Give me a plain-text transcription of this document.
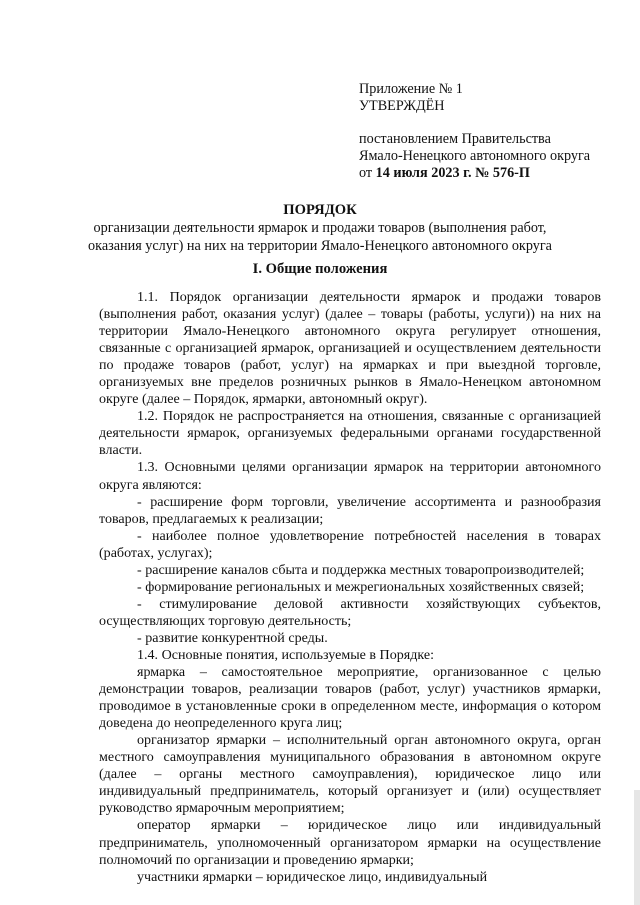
Приложение № 1
УТВЕРЖДЁН
постановлением Правительства
Ямало-Ненецкого автономного округа
от 14 июля 2023 г. № 576-П
ПОРЯДОК
организации деятельности ярмарок и продажи товаров (выполнения работ,
оказания услуг) на них на территории Ямало-Ненецкого автономного округа
I. Общие положения

1.1. Порядок организации деятельности ярмарок и продажи товаров (выполнения работ, оказания услуг) (далее – товары (работы, услуги)) на них на территории Ямало-Ненецкого автономного округа регулирует отношения, связанные с организацией ярмарок, организацией и осуществлением деятельности по продаже товаров (работ, услуг) на ярмарках и при выездной торговле, организуемых вне пределов розничных рынков в Ямало-Ненецком автономном округе (далее – Порядок, ярмарки, автономный округ).

1.2. Порядок не распространяется на отношения, связанные с организацией деятельности ярмарок, организуемых федеральными органами государственной власти.

1.3. Основными целями организации ярмарок на территории автономного округа являются:

- расширение форм торговли, увеличение ассортимента и разнообразия товаров, предлагаемых к реализации;

- наиболее полное удовлетворение потребностей населения в товарах (работах, услугах);

- расширение каналов сбыта и поддержка местных товаропроизводителей;

- формирование региональных и межрегиональных хозяйственных связей;

- стимулирование деловой активности хозяйствующих субъектов, осуществляющих торговую деятельность;

- развитие конкурентной среды.

1.4. Основные понятия, используемые в Порядке:

ярмарка – самостоятельное мероприятие, организованное с целью демонстрации товаров, реализации товаров (работ, услуг) участников ярмарки, проводимое в установленные сроки в определенном месте, информация о котором доведена до неопределенного круга лиц;

организатор ярмарки – исполнительный орган автономного округа, орган местного самоуправления муниципального образования в автономном округе (далее – органы местного самоуправления), юридическое лицо или индивидуальный предприниматель, который организует и (или) осуществляет руководство ярмарочным мероприятием;

оператор ярмарки – юридическое лицо или индивидуальный предприниматель, уполномоченный организатором ярмарки на осуществление полномочий по организации и проведению ярмарки;

участники ярмарки – юридическое лицо, индивидуальный
